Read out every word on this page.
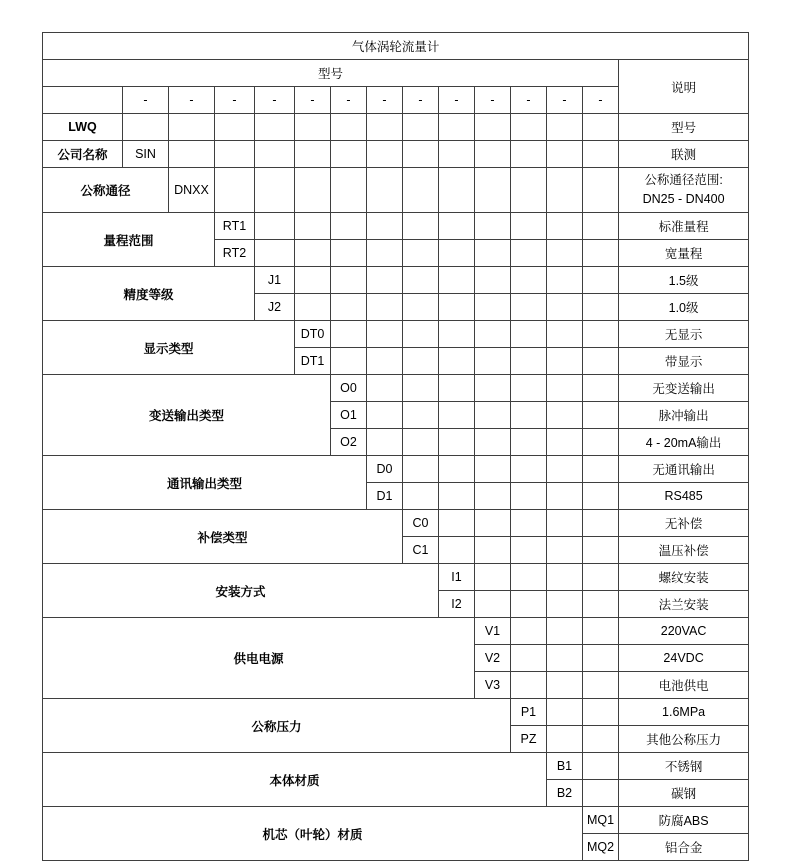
气体涡轮流量计														
型号														说明
	-	-	-	-	-	-	-	-	-	-	-	-	-	
LWQ														型号
公司名称	SIN													联测
公称通径		DNXX												公称通径范围:
DN25 - DN400

量程范围			RT1											标准量程
			RT2											宽量程
精度等级				J1										1.5级
				J2										1.0级
显示类型					DT0									无显示
					DT1									带显示
变送输出类型						O0								无变送输出
						O1								脉冲输出
						O2								4 - 20mA输出
通讯输出类型							D0							无通讯输出
							D1							RS485
补偿类型								C0						无补偿
								C1						温压补偿
安装方式									I1					螺纹安装
									I2					法兰安装
供电电源										V1				220VAC
										V2				24VDC
										V3				电池供电
公称压力											P1			1.6MPa
											PZ			其他公称压力
本体材质												B1		不锈钢
												B2		碳钢
机芯（叶轮）材质													MQ1	防腐ABS
													MQ2	铝合金
